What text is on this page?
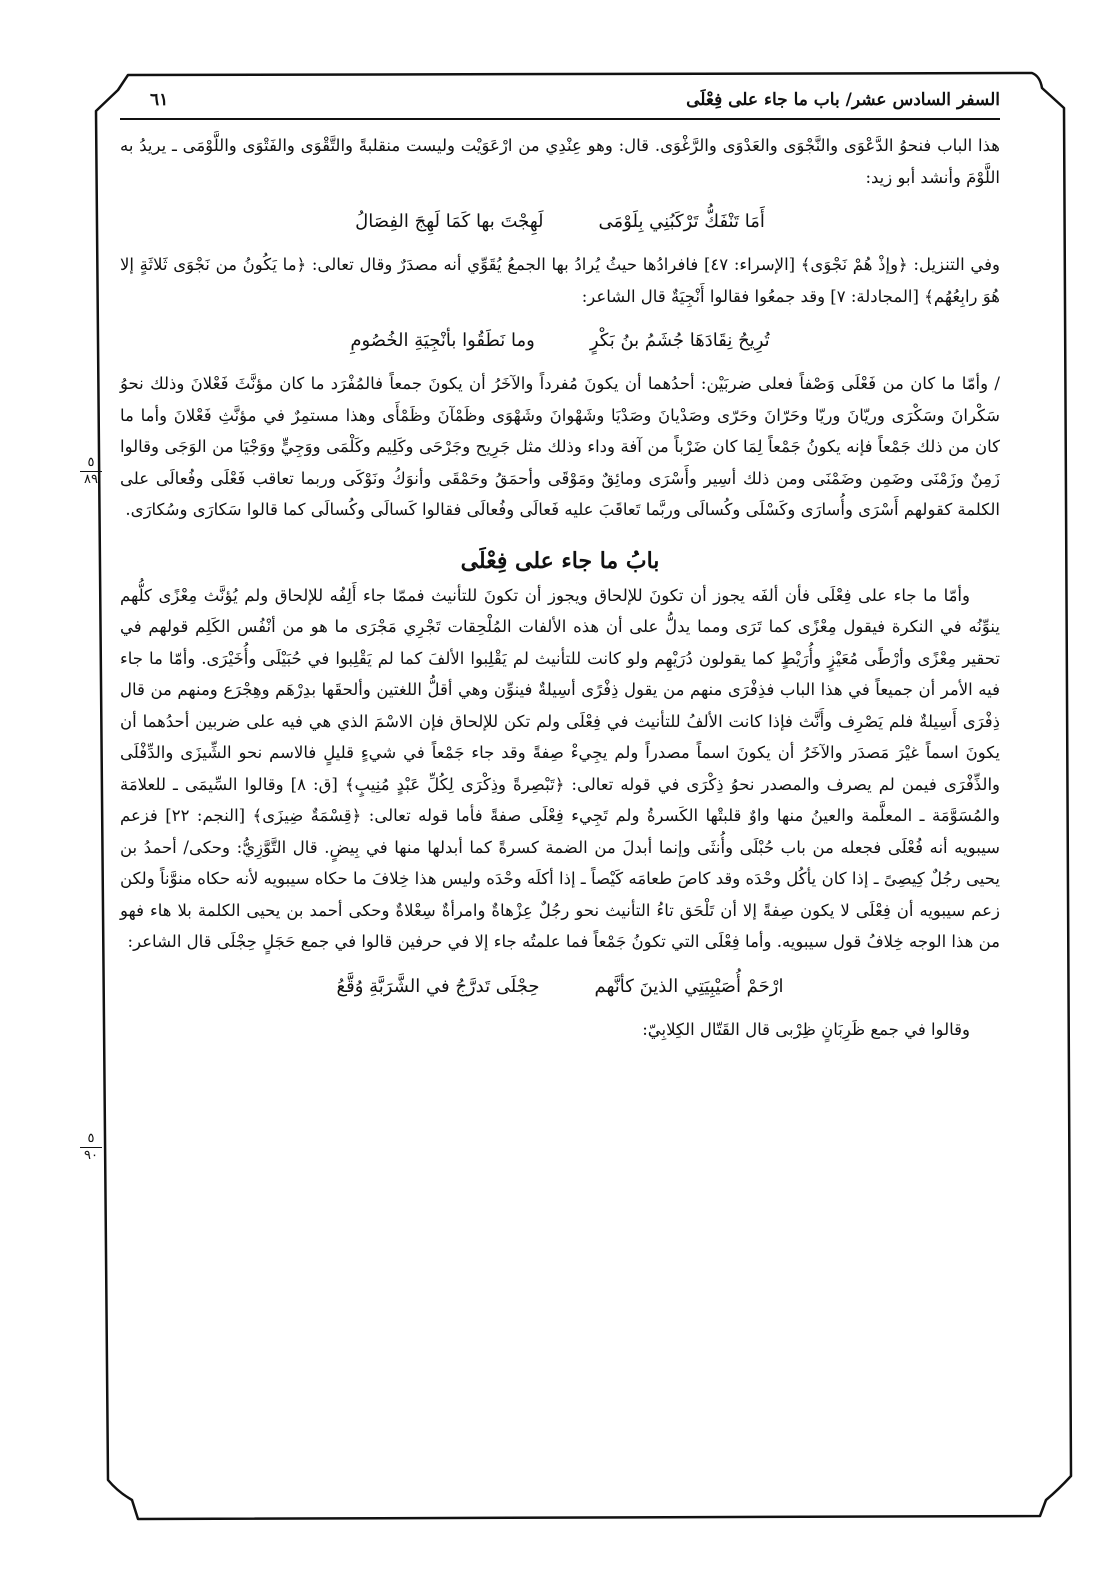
السفر السادس عشر/ باب ما جاء على فِعْلَى
٦١

هذا الباب فنحوُ الدَّعْوَى والنَّجْوَى والعَدْوَى والرَّغْوَى. قال: وهو عِنْدِي من ارْعَوَيْت وليست منقلبةً والتَّقْوَى والفَتْوَى واللَّوْمَى ـ يريدُ به اللَّوْمَ وأنشد أبو زيد:

أَمَا تَنْفَكُّ تَرْكَبُنِي بِلَوْمَى
لَهِجْتَ بها كَمَا لَهِجَ الفِصَالُ

وفي التنزيل: ﴿وإذْ هُمْ نَجْوَى﴾ [الإسراء: ٤٧] فافرادُها حيثُ يُرادُ بها الجمعُ يُقَوِّي أنه مصدَرٌ وقال تعالى: ﴿ما يَكُونُ من نَجْوَى ثَلاثَةٍ إلا هُوَ رابِعُهُم﴾ [المجادلة: ٧] وقد جمعُوا فقالوا أَنْجِيَةٌ قال الشاعر:

تُرِيحُ نِقَادَهَا جُشَمُ بنُ بَكْرٍ
وما نَطَقُوا بأنْجِيَةِ الخُصُومِ

/ وأمّا ما كان من فَعْلَى وَصْفاً فعلى ضربَيْن: أحدُهما أن يكونَ مُفرداً والآخَرُ أن يكونَ جمعاً فالمُفْرَد ما كان مؤنَّثَ فَعْلانَ وذلك نحوُ سَكْرانَ وسَكْرَى وريّانَ وريّا وحَرّانَ وحَرّى وصَدْيانَ وصَدْيَا وشَهْوانَ وشَهْوَى وظَمْآنَ وظَمْأَى وهذا مستمِرٌ في مؤنَّثِ فَعْلانَ وأما ما كان من ذلك جَمْعاً فإنه يكونُ جَمْعاً لِمَا كان ضَرْباً من آفة وداء وذلك مثل جَرِيح وجَرْحَى وكَلِيم وكَلْمَى ووَجِيٍّ ووَجْيَا من الوَجَى وقالوا زَمِنٌ وزَمْنَى وضَمِن وضَمْنَى ومن ذلك أسِير وأَسْرَى ومائِقٌ ومَوْقَى وأحمَقُ وحَمْقَى وأنوَكُ ونَوْكَى وربما تعاقب فَعْلَى وفُعالَى على الكلمة كقولهم أَسْرَى وأُسارَى وكَسْلَى وكُسالَى وربَّما تَعاقَبَ عليه فَعالَى وفُعالَى فقالوا كَسالَى وكُسالَى كما قالوا سَكارَى وسُكارَى.

بابُ ما جاء على فِعْلَى

وأمّا ما جاء على فِعْلَى فأن ألفَه يجوز أن تكونَ للإلحاق ويجوز أن تكونَ للتأنيث فممّا جاء أَلِفُه للإلحاق ولم يُؤنَّث مِعْزًى كلُّهم ينوِّنُه في النكرة فيقول مِعْزًى كما تَرَى ومما يدلُّ على أن هذه الألفات المُلْحِقات تَجْرِي مَجْرَى ما هو من أنْفُس الكَلِم قولهم في تحقير مِعْزًى وأرْطًى مُعَيْزٍ وأُرَيْطٍ كما يقولون دُرَيْهِم ولو كانت للتأنيث لم يَقْلِبوا الألفَ كما لم يَقْلِبوا في حُبَيْلَى وأُخَيْرَى. وأمّا ما جاء فيه الأمر أن جميعاً في هذا الباب فذِفْرَى منهم من يقول ذِفْرًى أسِيلةٌ فينوِّن وهي أقلُّ اللغتين وألحقَها بدِرْهَم وهِجْرَع ومنهم من قال ذِفْرَى أَسِيلةٌ فلم يَصْرِف وأَنَّث فإذا كانت الألفُ للتأنيث في فِعْلَى ولم تكن للإلحاق فإن الاسْمَ الذي هي فيه على ضربين أحدُهما أن يكونَ اسماً غيْرَ مَصدَر والآخَرُ أن يكونَ اسماً مصدراً ولم يجِيءْ صِفةً وقد جاء جَمْعاً في شيءٍ قليلٍ فالاسم نحو الشِّيزَى والدِّفْلَى والذِّفْرَى فيمن لم يصرف والمصدر نحوُ ذِكْرَى في قوله تعالى: ﴿تَبْصِرةً وذِكْرَى لِكُلِّ عَبْدٍ مُنِيبٍ﴾ [ق: ٨] وقالوا السِّيمَى ـ للعلامَة والمُسَوَّمَة ـ المعلَّمة والعينُ منها واوٌ قلبتْها الكَسرةُ ولم تَجِيء فِعْلَى صفةً فأما قوله تعالى: ﴿قِسْمَةٌ ضِيزَى﴾ [النجم: ٢٢] فزعم سيبويه أنه فُعْلَى فجعله من باب حُبْلَى وأُنثَى وإنما أبدلَ من الضمة كسرةً كما أبدلها منها في بِيضٍ. قال التَّوَّزِيُّ: وحكى/ أحمدُ بن يحيى رجُلٌ كِيصِىً ـ إذا كان يأكُل وحْدَه وقد كاصَ طعامَه كَيْصاً ـ إذا أكلَه وحْدَه وليس هذا خِلافَ ما حكاه سيبويه لأنه حكاه منوَّناً ولكن زعم سيبويه أن فِعْلَى لا يكون صِفةً إلا أن تَلْحَق تاءُ التأنيث نحو رجُلٌ عِزْهاةٌ وامرأةٌ سِعْلاةٌ وحكى أحمد بن يحيى الكلمة بلا هاء فهو من هذا الوجه خِلافُ قول سيبويه. وأما فِعْلَى التي تكونُ جَمْعاً فما علمتُه جاء إلا في حرفين قالوا في جمع حَجَلٍ حِجْلَى قال الشاعر:

ارْحَمْ أُصَيْبِيَتِي الذينَ كأنَّهم
حِجْلَى تَدرَّجُ في الشَّرَبَّةِ وُقَّعُ

وقالوا في جمع ظَرِبَانٍ ظِرْبى قال القَتّال الكِلابِيّ:

٥
٨٩
٥
٩٠
